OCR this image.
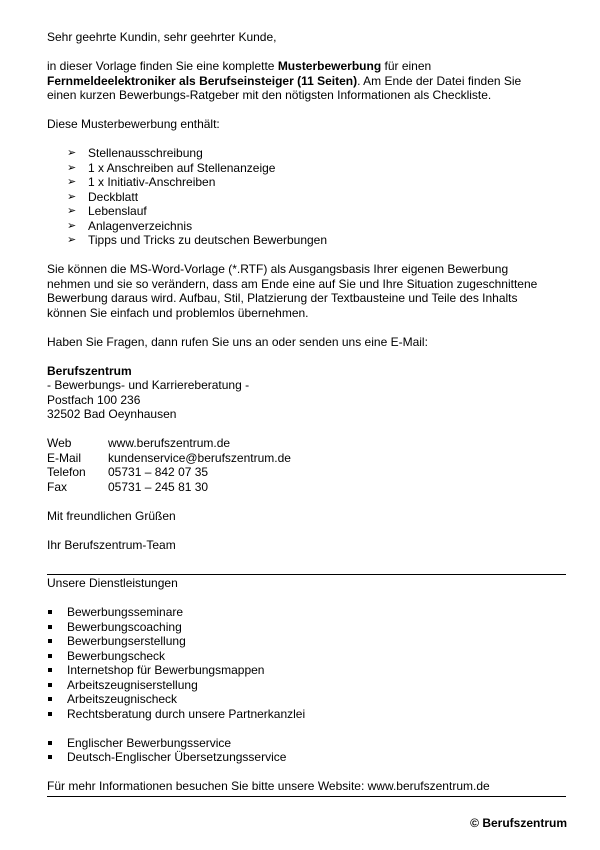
Sehr geehrte Kundin, sehr geehrter Kunde,

in dieser Vorlage finden Sie eine komplette Musterbewerbung für einen
Fernmeldeelektroniker als Berufseinsteiger (11 Seiten). Am Ende der Datei finden Sie
einen kurzen Bewerbungs-Ratgeber mit den nötigsten Informationen als Checkliste.

Diese Musterbewerbung enthält:

➢ Stellenausschreibung
➢ 1 x Anschreiben auf Stellenanzeige
➢ 1 x Initiativ-Anschreiben
➢ Deckblatt
➢ Lebenslauf
➢ Anlagenverzeichnis
➢ Tipps und Tricks zu deutschen Bewerbungen

Sie können die MS-Word-Vorlage (*.RTF) als Ausgangsbasis Ihrer eigenen Bewerbung
nehmen und sie so verändern, dass am Ende eine auf Sie und Ihre Situation zugeschnittene
Bewerbung daraus wird. Aufbau, Stil, Platzierung der Textbausteine und Teile des Inhalts
können Sie einfach und problemlos übernehmen.

Haben Sie Fragen, dann rufen Sie uns an oder senden uns eine E-Mail:

Berufszentrum

- Bewerbungs- und Karriereberatung -

Postfach 100 236

32502 Bad Oeynhausen

Web	www.berufszentrum.de
E-Mail	kundenservice@berufszentrum.de
Telefon	05731 – 842 07 35
Fax	05731 – 245 81 30

Mit freundlichen Grüßen

Ihr Berufszentrum-Team

Unsere Dienstleistungen

Bewerbungsseminare
Bewerbungscoaching
Bewerbungserstellung
Bewerbungscheck
Internetshop für Bewerbungsmappen
Arbeitszeugniserstellung
Arbeitszeugnischeck
Rechtsberatung durch unsere Partnerkanzlei
Englischer Bewerbungsservice
Deutsch-Englischer Übersetzungsservice

Für mehr Informationen besuchen Sie bitte unsere Website: www.berufszentrum.de

© Berufszentrum
